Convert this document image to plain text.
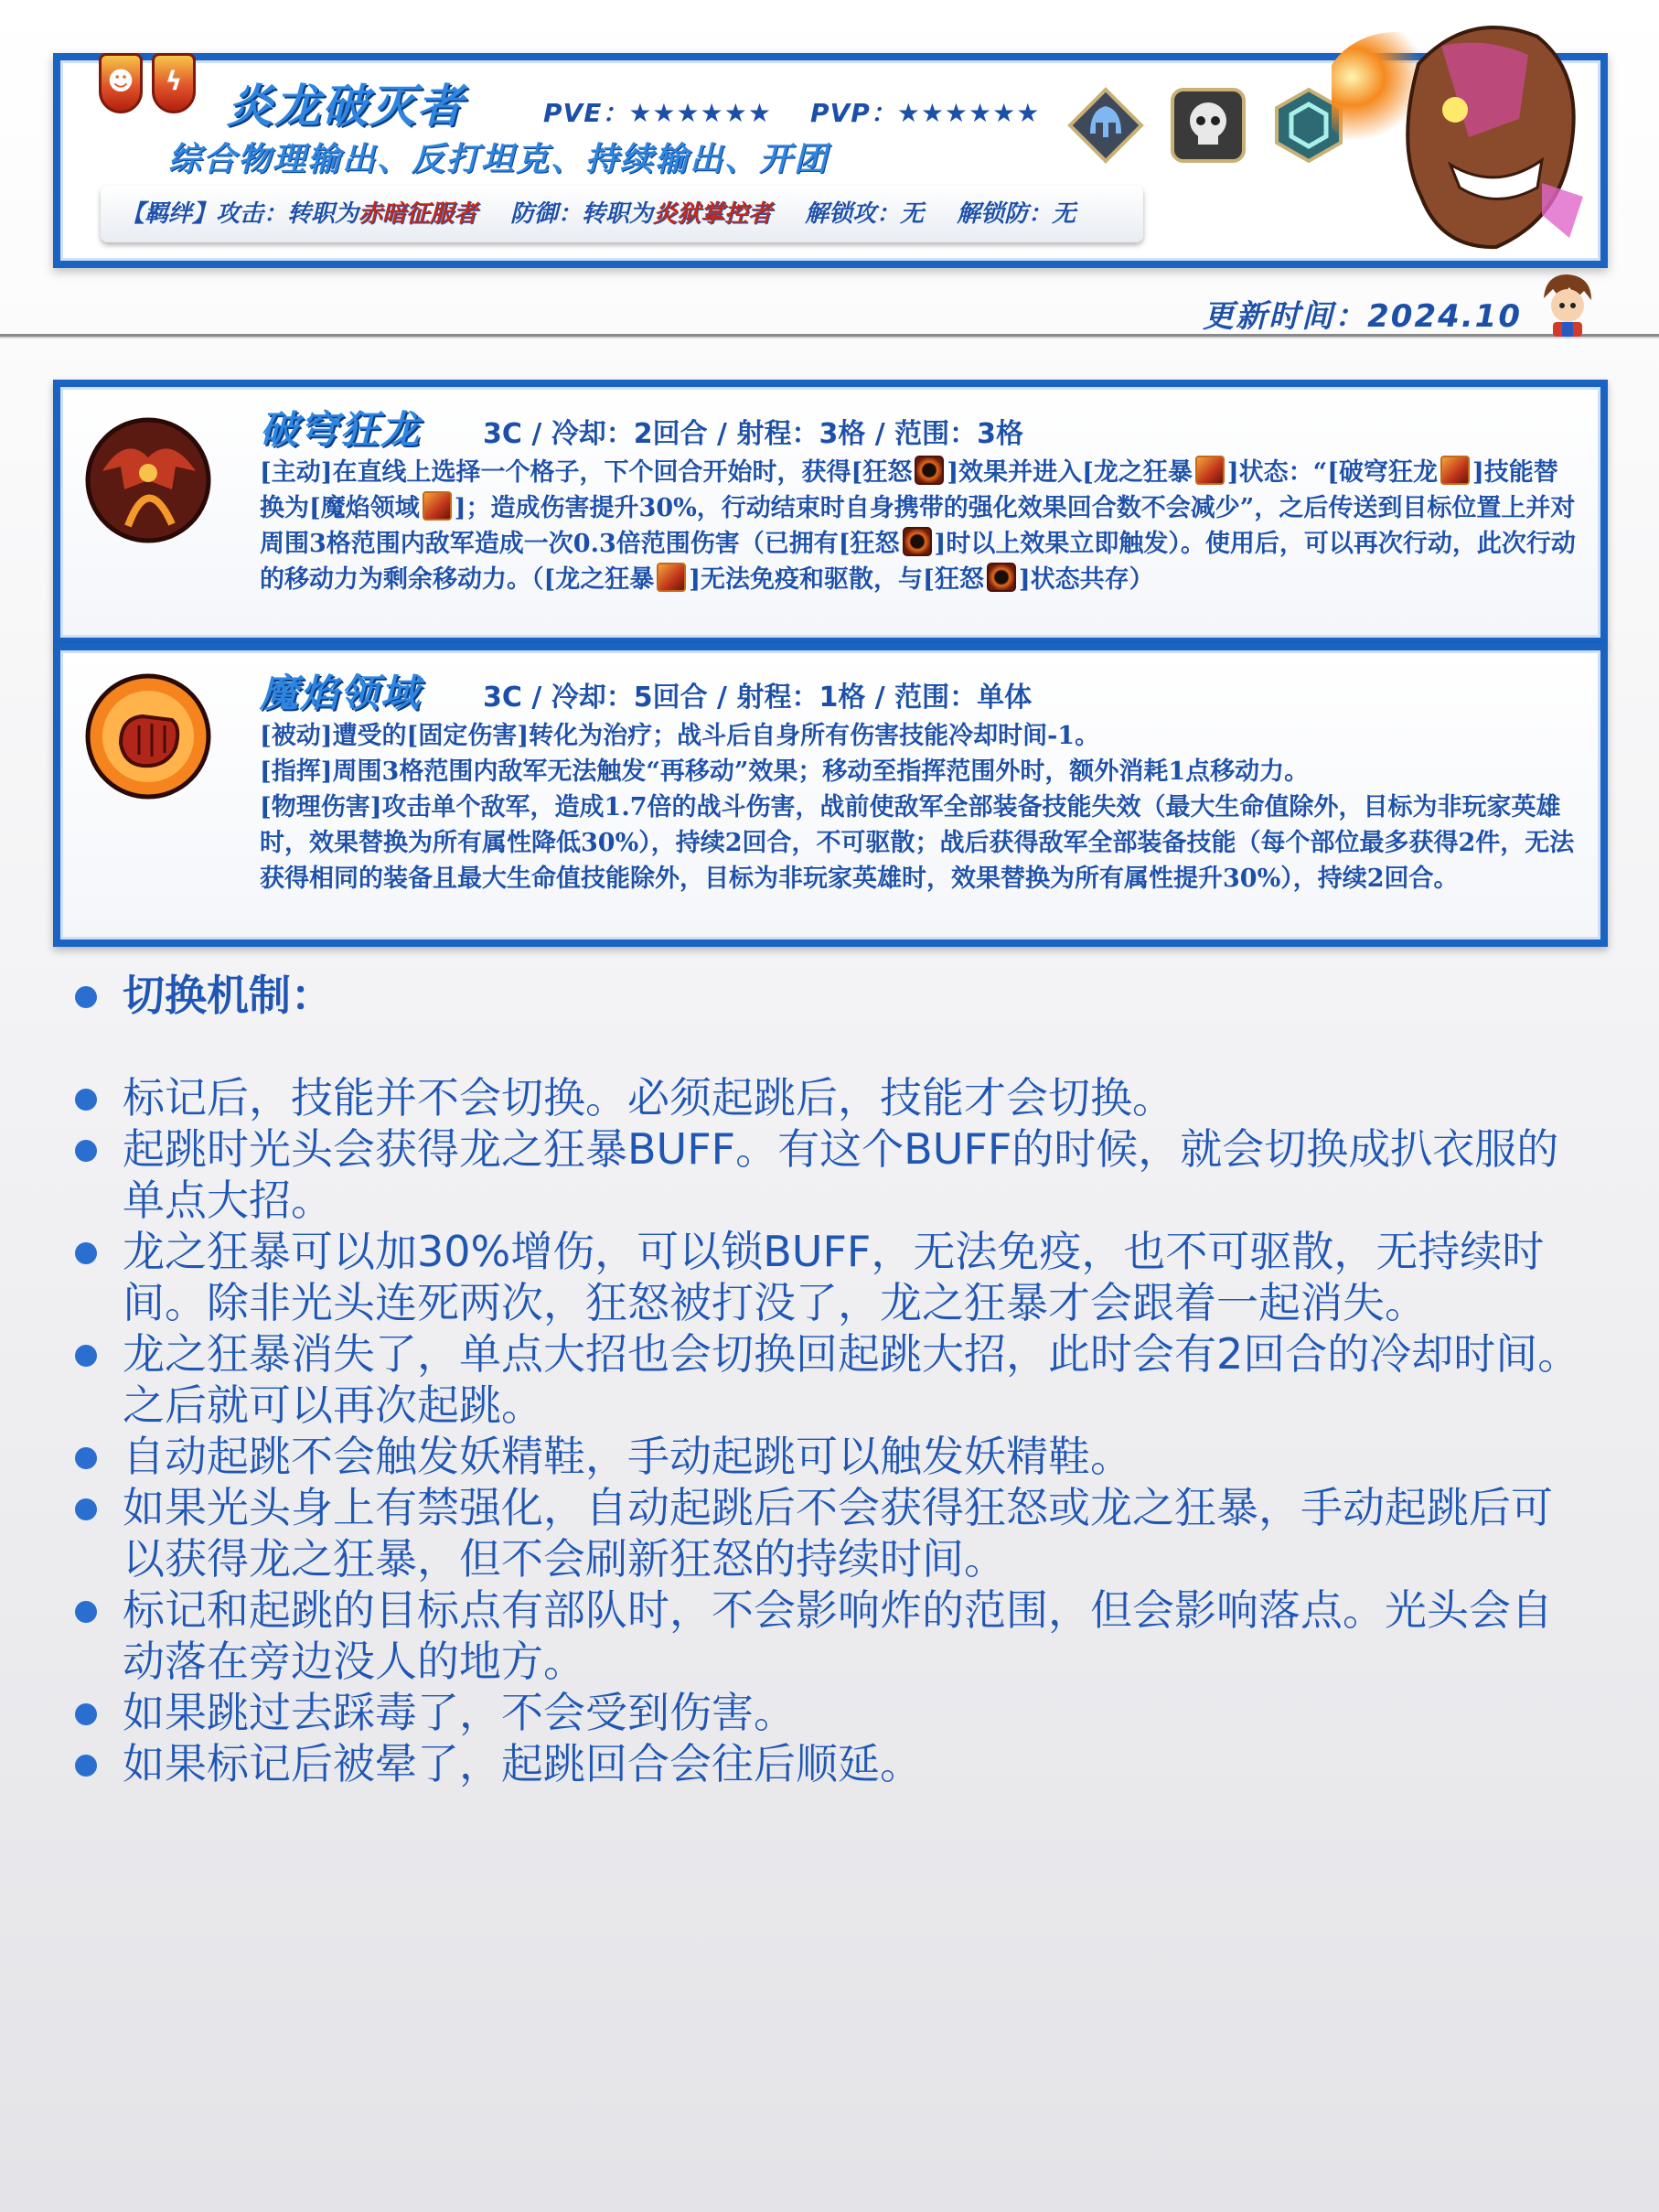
☻	ϟ 炎龙破灭者	PVE：★★★★★★ PVP：★★★★★★
综合物理输出、反打坦克、持续输出、开团
【羁绊】攻击：转职为赤暗征服者 防御：转职为炎狱掌控者 解锁攻：无 解锁防：无
更新时间：2024.10
破穹狂龙 3C / 冷却：2回合 / 射程：3格 / 范围：3格

[主动]在直线上选择一个格子，下个回合开始时，获得[狂怒 ]效果并进入[龙之狂暴 ]状态：“[破穹狂龙 ]技能替换为[魔焰领域 ]；造成伤害提升30%，行动结束时自身携带的强化效果回合数不会减少”，之后传送到目标位置上并对周围3格范围内敌军造成一次0.3倍范围伤害（已拥有[狂怒 ]时以上效果立即触发）。使用后，可以再次行动，此次行动的移动力为剩余移动力。（[龙之狂暴 ]无法免疫和驱散，与[狂怒 ]状态共存）

魔焰领域 3C / 冷却：5回合 / 射程：1格 / 范围：单体

[被动]遭受的[固定伤害]转化为治疗；战斗后自身所有伤害技能冷却时间-1。

[指挥]周围3格范围内敌军无法触发“再移动”效果；移动至指挥范围外时，额外消耗1点移动力。

[物理伤害]攻击单个敌军，造成1.7倍的战斗伤害，战前使敌军全部装备技能失效（最大生命值除外，目标为非玩家英雄时，效果替换为所有属性降低30%），持续2回合，不可驱散；战后获得敌军全部装备技能（每个部位最多获得2件，无法获得相同的装备且最大生命值技能除外，目标为非玩家英雄时，效果替换为所有属性提升30%），持续2回合。

切换机制：
标记后，技能并不会切换。必须起跳后，技能才会切换。
起跳时光头会获得龙之狂暴BUFF。有这个BUFF的时候，就会切换成扒衣服的单点大招。
龙之狂暴可以加30%增伤，可以锁BUFF，无法免疫，也不可驱散，无持续时间。除非光头连死两次，狂怒被打没了，龙之狂暴才会跟着一起消失。
龙之狂暴消失了，单点大招也会切换回起跳大招，此时会有2回合的冷却时间。之后就可以再次起跳。
自动起跳不会触发妖精鞋，手动起跳可以触发妖精鞋。
如果光头身上有禁强化，自动起跳后不会获得狂怒或龙之狂暴，手动起跳后可以获得龙之狂暴，但不会刷新狂怒的持续时间。
标记和起跳的目标点有部队时，不会影响炸的范围，但会影响落点。光头会自动落在旁边没人的地方。
如果跳过去踩毒了，不会受到伤害。
如果标记后被晕了，起跳回合会往后顺延。
